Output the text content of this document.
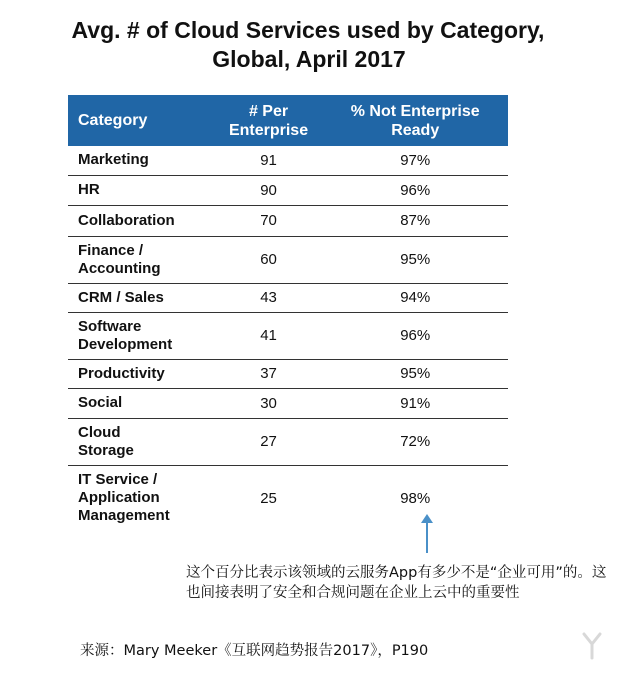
Avg. # of Cloud Services used by Category,
Global, April 2017
Category	# Per Enterprise	% Not Enterprise Ready

Marketing	91	97%
HR	90	96%
Collaboration	70	87%

Finance / Accounting	60	95%
CRM / Sales	43	94%

Software Development	41	96%
Productivity	37	95%
Social	30	91%

Cloud Storage	27	72%

IT Service / Application Management	25	98%
这个百分比表示该领域的云服务App有多少不是“企业可用”的。这也间接表明了安全和合规问题在企业上云中的重要性
来源：Mary Meeker《互联网趋势报告2017》，P190
